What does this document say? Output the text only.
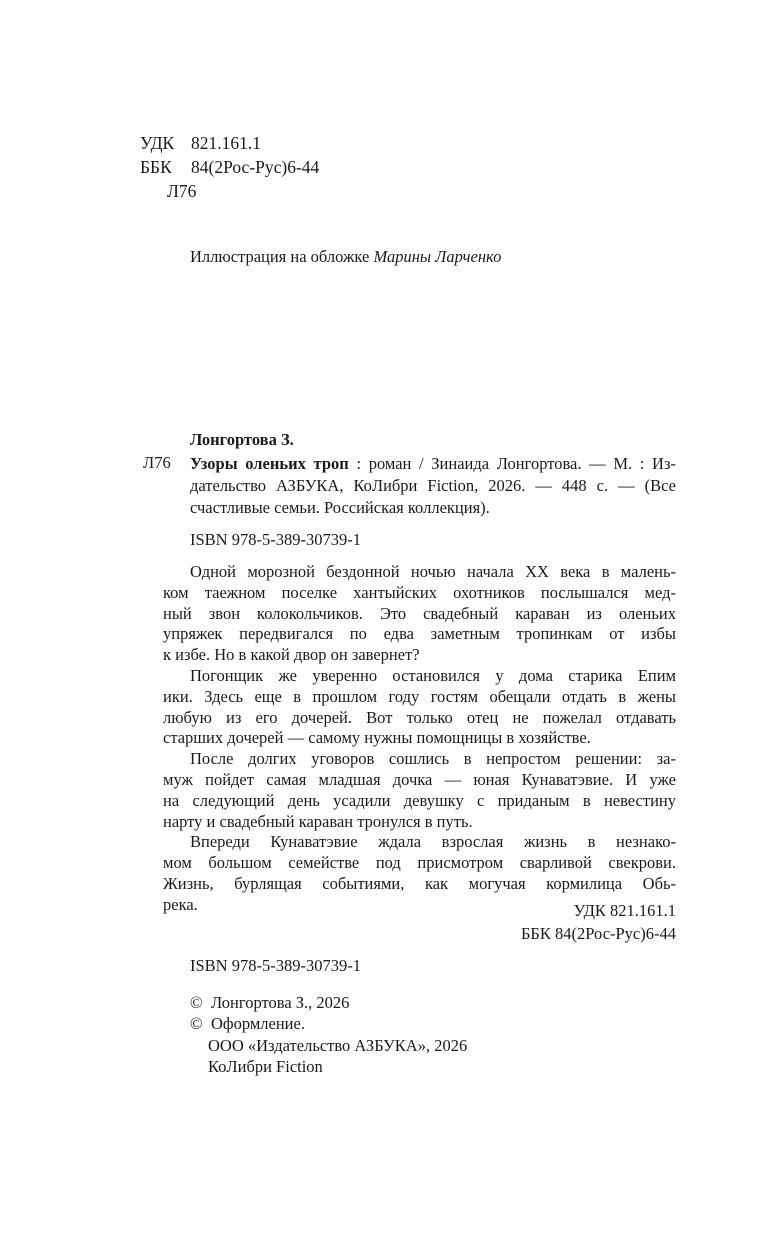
УДК 821.161.1
ББК	84(2Рос-Рус)6-44
Л76
Иллюстрация на обложке Марины Ларченко
Лонгортова З.
Л76 Узоры оленьих троп : роман / Зинаида Лонгортова. — М. : Из-
дательство АЗБУКА, КоЛибри Fiction, 2026. — 448 с. — (Все
счастливые семьи. Российская коллекция).
ISBN 978-5-389-30739-1
Одной морозной бездонной ночью начала XX века в малень-
ком таежном поселке хантыйских охотников послышался мед-
ный звон колокольчиков. Это свадебный караван из оленьих
упряжек передвигался по едва заметным тропинкам от избы
к избе. Но в какой двор он завернет?
Погонщик же уверенно остановился у дома старика Епим
ики. Здесь еще в прошлом году гостям обещали отдать в жены
любую из его дочерей. Вот только отец не пожелал отдавать
старших дочерей — самому нужны помощницы в хозяйстве.
После долгих уговоров сошлись в непростом решении: за-
муж пойдет самая младшая дочка — юная Кунаватэвие. И уже
на следующий день усадили девушку с приданым в невестину
нарту и свадебный караван тронулся в путь.
Впереди Кунаватэвие ждала взрослая жизнь в незнако-
мом большом семействе под присмотром сварливой свекрови.
Жизнь, бурлящая событиями, как могучая кормилица Обь-
река.	УДК 821.161.1
ББК 84(2Рос-Рус)6-44
ISBN 978-5-389-30739-1
© Лонгортова З., 2026
© Оформление.
ООО «Издательство АЗБУКА», 2026
КоЛибри Fiction
